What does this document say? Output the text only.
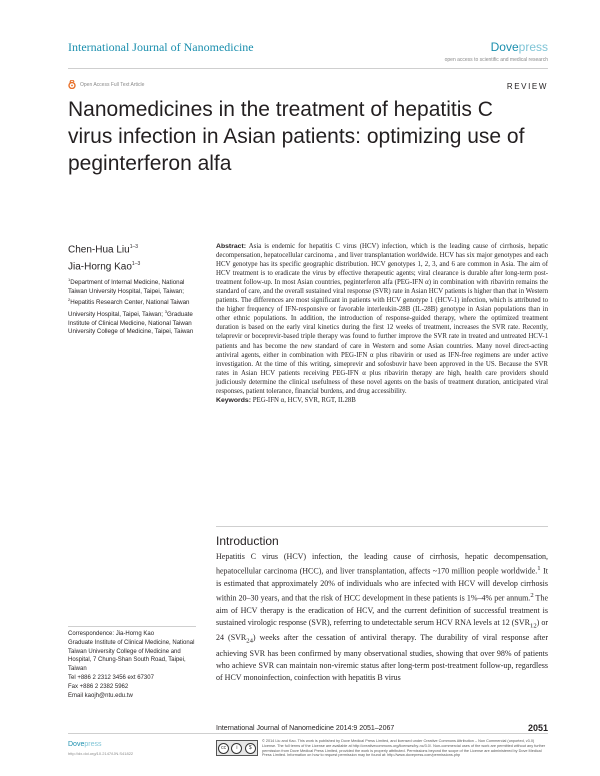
International Journal of Nanomedicine	Dovepress
open access to scientific and medical research
Open Access Full Text Article	REVIEW
Nanomedicines in the treatment of hepatitis C virus infection in Asian patients: optimizing use of peginterferon alfa
Chen-Hua Liu$^{1-3}$
Jia-Horng Kao$^{1-3}$
$^1$Department of Internal Medicine, National Taiwan University Hospital, Taipei, Taiwan; $^2$Hepatitis Research Center, National Taiwan University Hospital, Taipei, Taiwan; $^3$Graduate Institute of Clinical Medicine, National Taiwan University College of Medicine, Taipei, Taiwan
Abstract: Asia is endemic for hepatitis C virus (HCV) infection, which is the leading cause of cirrhosis, hepatic decompensation, hepatocellular carcinoma , and liver transplantation worldwide. HCV has six major genotypes and each HCV genotype has its specific geographic distribution. HCV genotypes 1, 2, 3, and 6 are common in Asia. The aim of HCV treatment is to eradicate the virus by effective therapeutic agents; viral clearance is durable after long-term post-treatment follow-up. In most Asian countries, peginterferon alfa (PEG-IFN α) in combination with ribavirin remains the standard of care, and the overall sustained viral response (SVR) rate in Asian HCV patients is higher than that in Western patients. The differences are most significant in patients with HCV genotype 1 (HCV-1) infection, which is attributed to the higher frequency of IFN-responsive or favorable interleukin-28B (IL-28B) genotype in Asian populations than in other ethnic populations. In addition, the introduction of response-guided therapy, where the optimized treatment duration is based on the early viral kinetics during the first 12 weeks of treatment, increases the SVR rate. Recently, telaprevir or boceprevir-based triple therapy was found to further improve the SVR rate in treated and untreated HCV-1 patients and has become the new standard of care in Western and some Asian countries. Many novel direct-acting antiviral agents, either in combination with PEG-IFN α plus ribavirin or used as IFN-free regimens are under active investigation. At the time of this writing, simeprevir and sofosbuvir have been approved in the US. Because the SVR rates in Asian HCV patients receiving PEG-IFN α plus ribavirin therapy are high, health care providers should judiciously determine the clinical usefulness of these novel agents on the basis of treatment duration, anticipated viral responses, patient tolerance, financial burdens, and drug accessibility.
Keywords: PEG-IFN α, HCV, SVR, RGT, IL28B
Introduction
Hepatitis C virus (HCV) infection, the leading cause of cirrhosis, hepatic decompensation, hepatocellular carcinoma (HCC), and liver transplantation, affects ~170 million people worldwide.$^1$ It is estimated that approximately 20% of individuals who are infected with HCV will develop cirrhosis within 20–30 years, and that the risk of HCC development in these patients is 1%–4% per annum.$^2$ The aim of HCV therapy is the eradication of HCV, and the current definition of successful treatment is sustained virologic response (SVR), referring to undetectable serum HCV RNA levels at 12 $(SVR_{12})$ or 24 $(SVR_{24})$ weeks after the cessation of antiviral therapy. The durability of viral response after achieving SVR has been confirmed by many observational studies, showing that over 98% of patients who achieve SVR can maintain non-viremic status after long-term post-treatment follow-up, regardless of HCV monoinfection, coinfection with hepatitis B virus
Correspondence: Jia-Horng Kao
Graduate Institute of Clinical Medicine, National Taiwan University College of Medicine and Hospital, 7 Chung-Shan South Road, Taipei, Taiwan
Tel +886 2 2312 3456 ext 67307
Fax +886 2 2382 5962
Email kaojh@ntu.edu.tw
International Journal of Nanomedicine 2014:9 2051–2067	2051
Dovepress
http://dx.doi.org/10.2147/IJN.S41822
cc	i	$
© 2014 Liu and Kao. This work is published by Dove Medical Press Limited, and licensed under Creative Commons Attribution – Non Commercial (unported, v3.0) License. The full terms of the License are available at http://creativecommons.org/licenses/by-nc/3.0/. Non-commercial uses of the work are permitted without any further permission from Dove Medical Press Limited, provided the work is properly attributed. Permissions beyond the scope of the License are administered by Dove Medical Press Limited. Information on how to request permission may be found at: http://www.dovepress.com/permissions.php
